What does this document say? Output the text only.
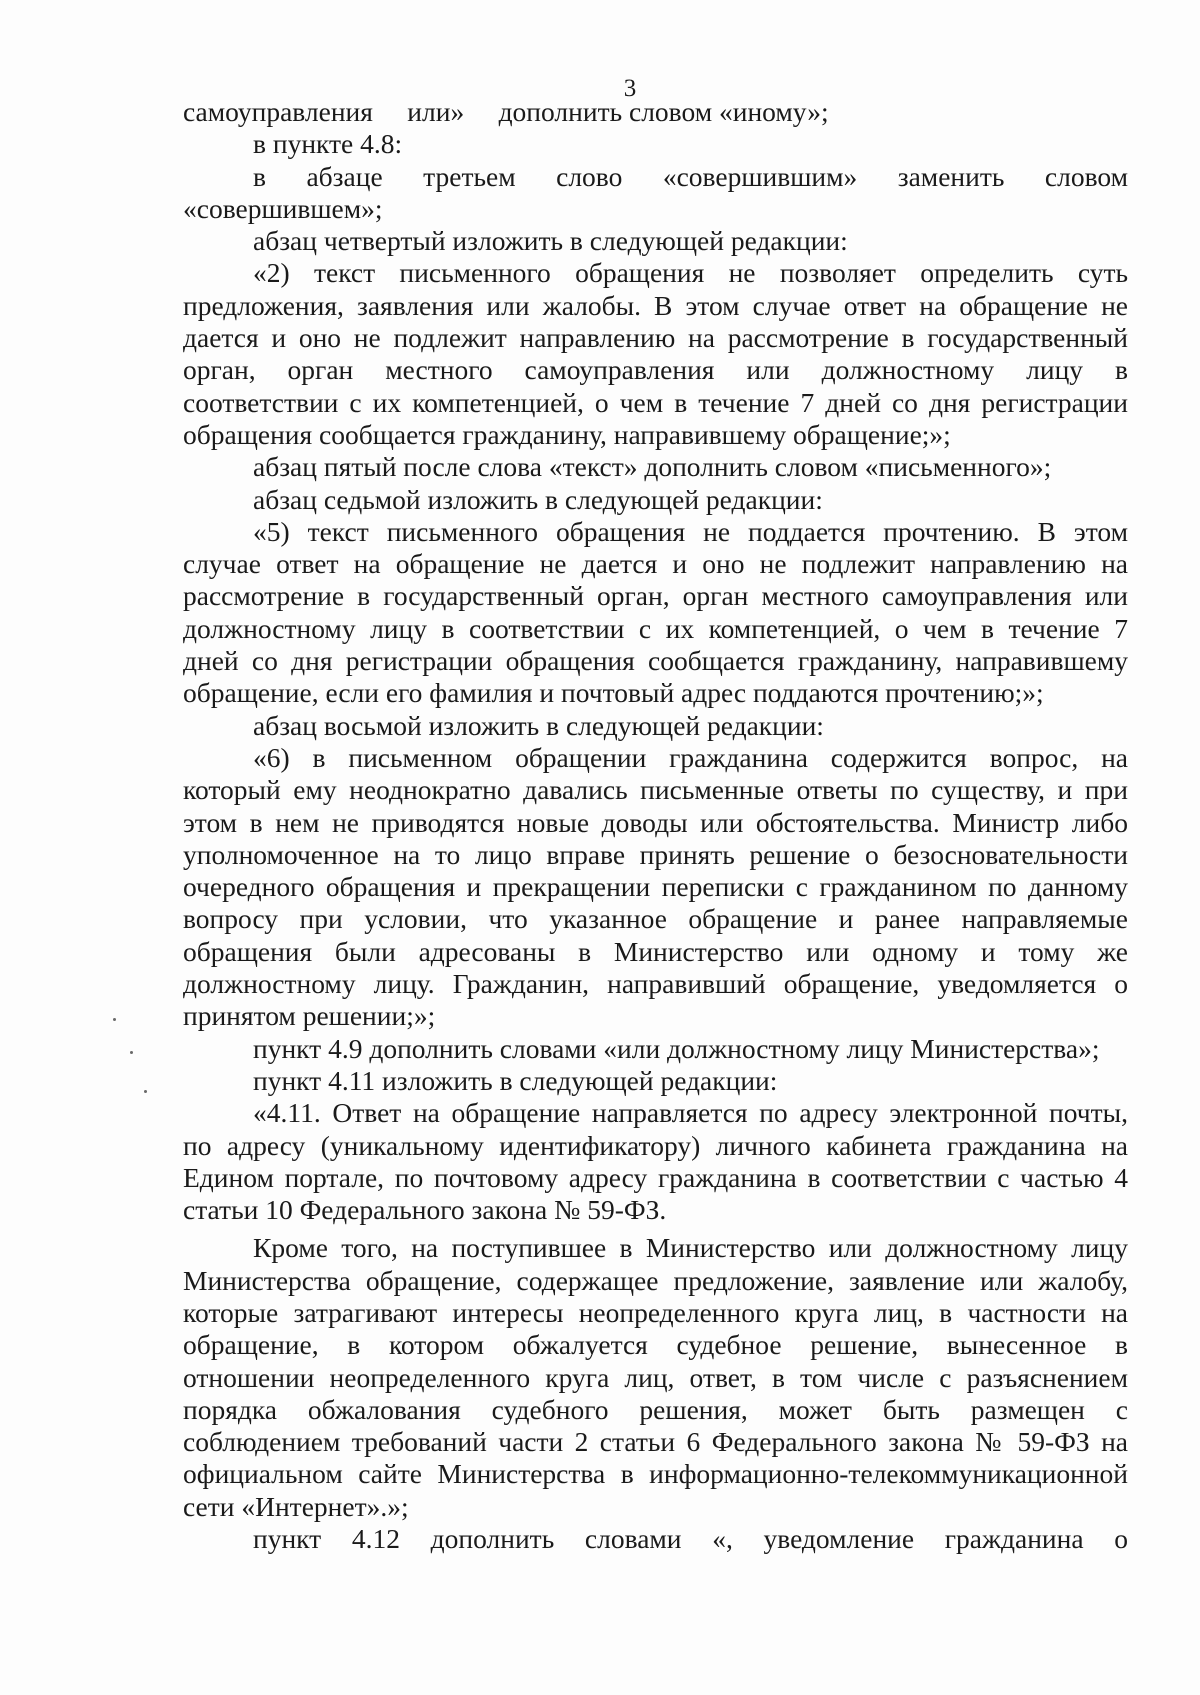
3
самоуправления     или»     дополнить словом «иному»;
в пункте 4.8:
в абзаце третьем слово «совершившим» заменить словом
«совершившем»;
абзац четвертый изложить в следующей редакции:
«2) текст письменного обращения не позволяет определить суть
предложения, заявления или жалобы. В этом случае ответ на обращение не
дается и оно не подлежит направлению на рассмотрение в государственный
орган, орган местного самоуправления или должностному лицу в
соответствии с их компетенцией, о чем в течение 7 дней со дня регистрации
обращения сообщается гражданину, направившему обращение;»;
абзац пятый после слова «текст» дополнить словом «письменного»;
абзац седьмой изложить в следующей редакции:
«5) текст письменного обращения не поддается прочтению. В этом
случае ответ на обращение не дается и оно не подлежит направлению на
рассмотрение в государственный орган, орган местного самоуправления или
должностному лицу в соответствии с их компетенцией, о чем в течение 7
дней со дня регистрации обращения сообщается гражданину, направившему
обращение, если его фамилия и почтовый адрес поддаются прочтению;»;
абзац восьмой изложить в следующей редакции:
«6) в письменном обращении гражданина содержится вопрос, на
который ему неоднократно давались письменные ответы по существу, и при
этом в нем не приводятся новые доводы или обстоятельства. Министр либо
уполномоченное на то лицо вправе принять решение о безосновательности
очередного обращения и прекращении переписки с гражданином по данному
вопросу при условии, что указанное обращение и ранее направляемые
обращения были адресованы в Министерство или одному и тому же
должностному лицу. Гражданин, направивший обращение, уведомляется о
принятом решении;»;
пункт 4.9 дополнить словами «или должностному лицу Министерства»;
пункт 4.11 изложить в следующей редакции:
«4.11. Ответ на обращение направляется по адресу электронной почты,
по адресу (уникальному идентификатору) личного кабинета гражданина на
Едином портале, по почтовому адресу гражданина в соответствии с частью 4
статьи 10 Федерального закона № 59-ФЗ.
Кроме того, на поступившее в Министерство или должностному лицу
Министерства обращение, содержащее предложение, заявление или жалобу,
которые затрагивают интересы неопределенного круга лиц, в частности на
обращение, в котором обжалуется судебное решение, вынесенное в
отношении неопределенного круга лиц, ответ, в том числе с разъяснением
порядка обжалования судебного решения, может быть размещен с
соблюдением требований части 2 статьи 6 Федерального закона № 59-ФЗ на
официальном сайте Министерства в информационно-телекоммуникационной
сети «Интернет».»;
пункт 4.12 дополнить словами «, уведомление гражданина о
